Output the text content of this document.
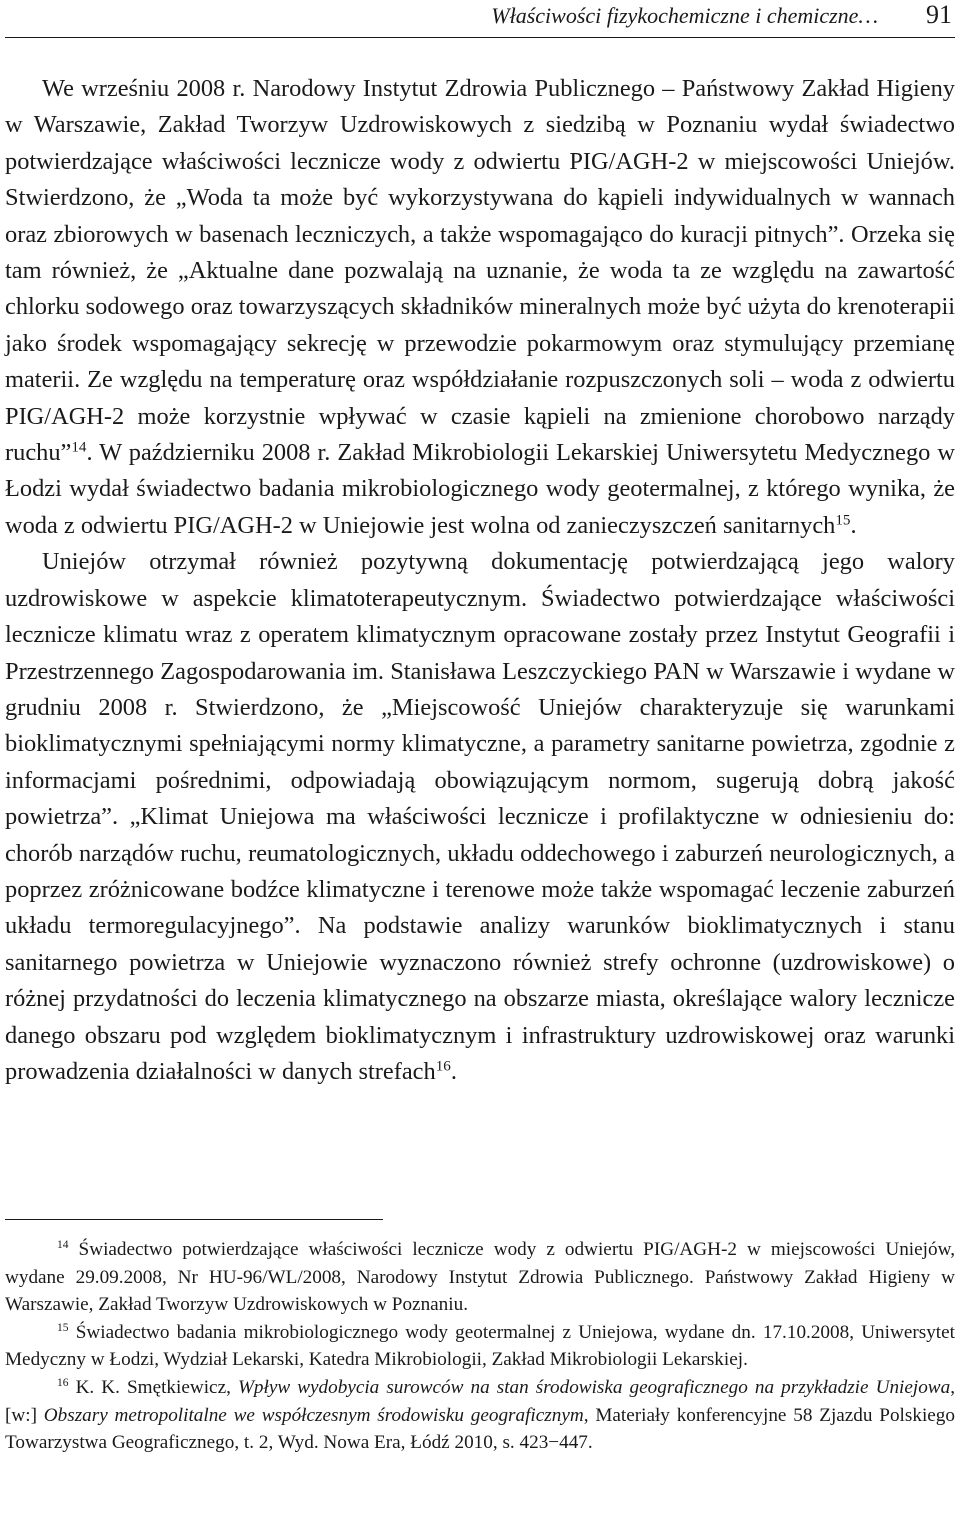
Właściwości fizykochemiczne i chemiczne… 91

We wrześniu 2008 r. Narodowy Instytut Zdrowia Publicznego – Państwowy Zakład Higieny w Warszawie, Zakład Tworzyw Uzdrowiskowych z siedzibą w Poznaniu wydał świadectwo potwierdzające właściwości lecznicze wody z odwiertu PIG/AGH-2 w miejscowości Uniejów. Stwierdzono, że „Woda ta może być wykorzystywana do kąpieli indywidualnych w wannach oraz zbiorowych w basenach leczniczych, a także wspomagająco do kuracji pitnych”. Orzeka się tam również, że „Aktualne dane pozwalają na uznanie, że woda ta ze względu na zawartość chlorku sodowego oraz towarzyszących składników mineralnych może być użyta do krenoterapii jako środek wspomagający sekrecję w przewodzie pokarmowym oraz stymulujący przemianę materii. Ze względu na temperaturę oraz współdziałanie rozpuszczonych soli – woda z odwiertu PIG/AGH-2 może korzystnie wpływać w czasie kąpieli na zmienione chorobowo narządy ruchu”$^{14}$. W październiku 2008 r. Zakład Mikrobiologii Lekarskiej Uniwersytetu Medycznego w Łodzi wydał świadectwo badania mikrobiologicznego wody geotermalnej, z którego wynika, że woda z odwiertu PIG/AGH-2 w Uniejowie jest wolna od zanieczyszczeń sanitarnych$^{15}$.

Uniejów otrzymał również pozytywną dokumentację potwierdzającą jego walory uzdrowiskowe w aspekcie klimatoterapeutycznym. Świadectwo potwierdzające właściwości lecznicze klimatu wraz z operatem klimatycznym opracowane zostały przez Instytut Geografii i Przestrzennego Zagospodarowania im. Stanisława Leszczyckiego PAN w Warszawie i wydane w grudniu 2008 r. Stwierdzono, że „Miejscowość Uniejów charakteryzuje się warunkami bioklimatycznymi spełniającymi normy klimatyczne, a parametry sanitarne powietrza, zgodnie z informacjami pośrednimi, odpowiadają obowiązującym normom, sugerują dobrą jakość powietrza”. „Klimat Uniejowa ma właściwości lecznicze i profilaktyczne w odniesieniu do: chorób narządów ruchu, reumatologicznych, układu oddechowego i zaburzeń neurologicznych, a poprzez zróżnicowane bodźce klimatyczne i terenowe może także wspomagać leczenie zaburzeń układu termoregulacyjnego”. Na podstawie analizy warunków bioklimatycznych i stanu sanitarnego powietrza w Uniejowie wyznaczono również strefy ochronne (uzdrowiskowe) o różnej przydatności do leczenia klimatycznego na obszarze miasta, określające walory lecznicze danego obszaru pod względem bioklimatycznym i infrastruktury uzdrowiskowej oraz warunki prowadzenia działalności w danych strefach$^{16}$.

$^{14}$ Świadectwo potwierdzające właściwości lecznicze wody z odwiertu PIG/AGH-2 w miejscowości Uniejów, wydane 29.09.2008, Nr HU-96/WL/2008, Narodowy Instytut Zdrowia Publicznego. Państwowy Zakład Higieny w Warszawie, Zakład Tworzyw Uzdrowiskowych w Poznaniu.

$^{15}$ Świadectwo badania mikrobiologicznego wody geotermalnej z Uniejowa, wydane dn. 17.10.2008, Uniwersytet Medyczny w Łodzi, Wydział Lekarski, Katedra Mikrobiologii, Zakład Mikrobiologii Lekarskiej.

$^{16}$ K. K. Smętkiewicz, Wpływ wydobycia surowców na stan środowiska geograficznego na przykładzie Uniejowa, [w:] Obszary metropolitalne we współczesnym środowisku geograficznym, Materiały konferencyjne 58 Zjazdu Polskiego Towarzystwa Geograficznego, t. 2, Wyd. Nowa Era, Łódź 2010, s. 423−447.
